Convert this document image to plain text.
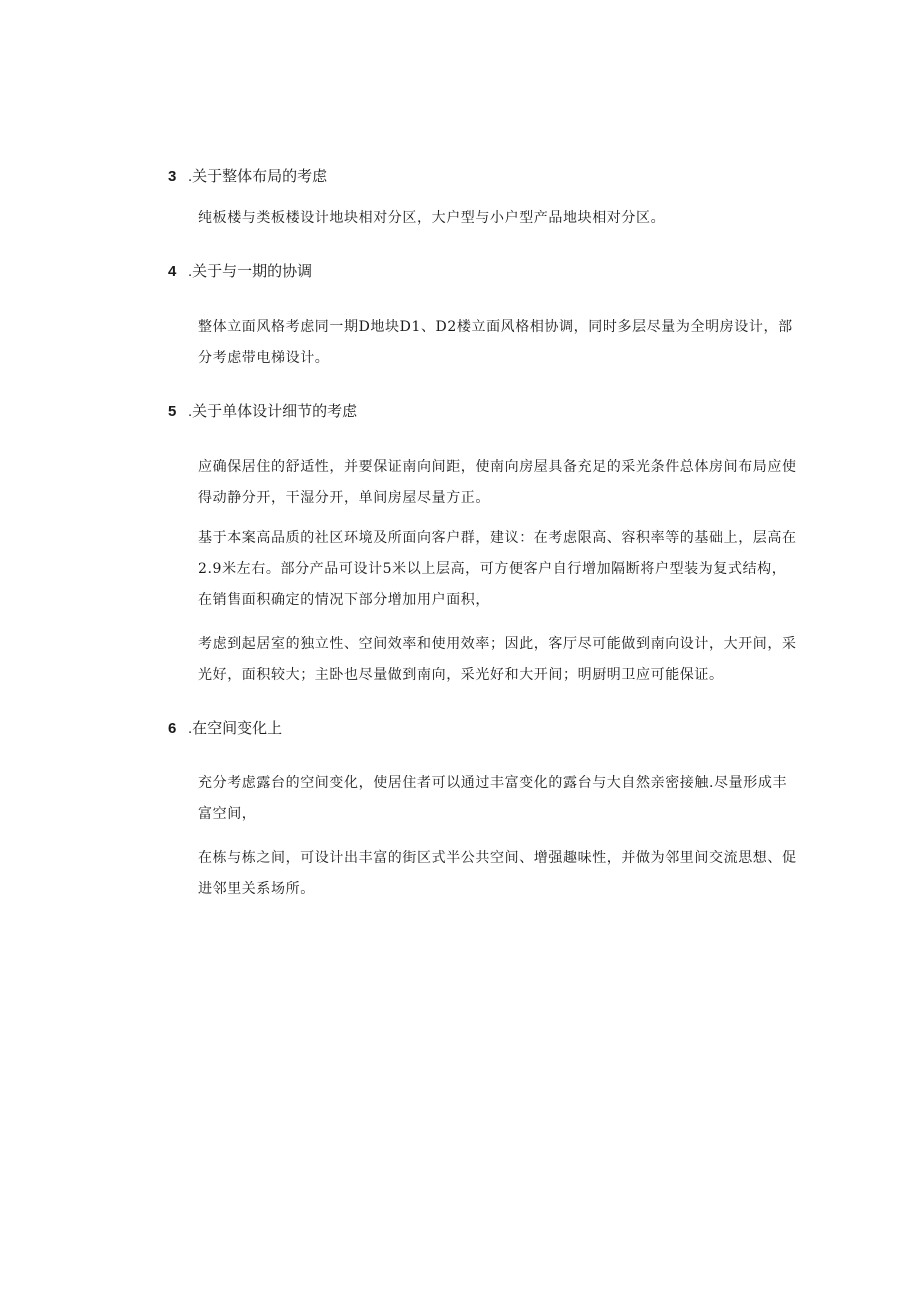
3 .关于整体布局的考虑
纯板楼与类板楼设计地块相对分区，大户型与小户型产品地块相对分区。
4 .关于与一期的协调
整体立面风格考虑同一期D地块D1、D2楼立面风格相协调，同时多层尽量为全明房设计，部分考虑带电梯设计。
5 .关于单体设计细节的考虑
应确保居住的舒适性，并要保证南向间距，使南向房屋具备充足的采光条件总体房间布局应使得动静分开，干湿分开，单间房屋尽量方正。
基于本案高品质的社区环境及所面向客户群，建议：在考虑限高、容积率等的基础上，层高在2.9米左右。部分产品可设计5米以上层高，可方便客户自行增加隔断将户型装为复式结构，在销售面积确定的情况下部分增加用户面积，
考虑到起居室的独立性、空间效率和使用效率；因此，客厅尽可能做到南向设计，大开间，采光好，面积较大；主卧也尽量做到南向，采光好和大开间；明厨明卫应可能保证。
6 .在空间变化上
充分考虑露台的空间变化，使居住者可以通过丰富变化的露台与大自然亲密接触.尽量形成丰富空间，
在栋与栋之间，可设计出丰富的街区式半公共空间、增强趣味性，并做为邻里间交流思想、促进邻里关系场所。
